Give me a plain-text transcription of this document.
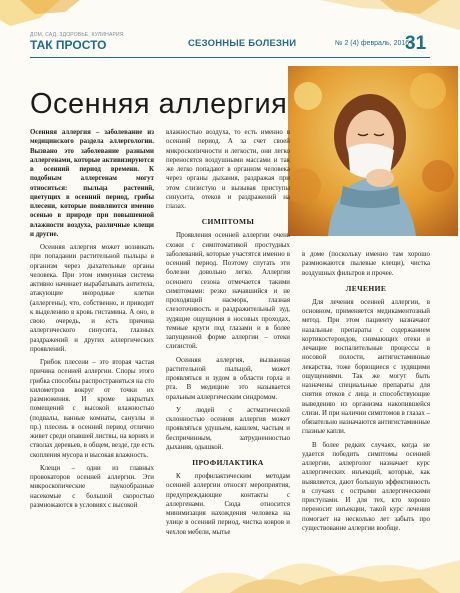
ДОМ, САД, ЗДОРОВЬЕ, КУЛИНАРИЯ
ТАК ПРОСТО	СЕЗОННЫЕ БОЛЕЗНИ	№ 2 (4) февраль, 2016 г.
31
Осенняя аллергия

Осенняя аллергия – заболевание из медицинского раздела аллергологии. Вызвано это заболевание разными аллергенами, которые активизируются в осенний период времени. К подобным аллергенам могут относиться: пыльца растений, цветущих в осенний период, грибы плесени, которые появляются именно осенью в природе при повышенной влажности воздуха, различные клещи и другие.

Осенняя аллергия может возникать при попадании растительной пыльцы в организм через дыхательные органы человека. При этом иммунная система активно начинает вырабатывать антитела, атакующие инородные клетки (аллергены), что, собственно, и приводит к выделению в кровь гистамина. А оно, в свою очередь, и есть причина аллергического синусита, глазных раздражений и других аллергических проявлений.

Грибок плесени – это вторая частая причина осенней аллергии. Споры этого грибка способны распространяться на сто километров вокруг от точки их размножения. И кроме закрытых помещений с высокой влажностью (подвалы, ванные комнаты, санузлы и пр.) плесень в осенний период отлично живет среди опавшей листвы, на корнях и стволах деревьев, в общем, везде, где есть скопления мусора и высокая влажность.

Клещи – одни из главных провокаторов осенней аллергии. Эти микроскопические паукообразные насекомые с большой скоростью размножаются в условиях с высокой

влажностью воздуха, то есть именно в осенний период. А за счет своей микроскопичности и легкости, они легко переносятся воздушными массами и так же легко попадают в организм человека через органы дыхания, раздражая при этом слизистую и вызывая приступы синусита, отеков и раздражений на глазах.

СИМПТОМЫ

Проявления осенней аллергии очень схожи с симптоматикой простудных заболеваний, которые участятся именно в осенний период. Поэтому спутать эти болезни довольно легко. Аллергия осеннего сезона отмечается такими симптомами: резко начавшийся и не проходящий насморк, глазная слезоточивость и раздражительный зуд, зудящие ощущения в носовых проходах, темные круги под глазами и в более запущенной форме аллергии – отеки слизистой.

Осенняя аллергия, вызванная растительной пыльцой, может проявляться и зудом в области горла и рта. В медицине это называется оральным аллергическим синдромом.

У людей с астматической склонностью осенняя аллергия может проявляться удушьем, кашлем, частым и беспричинным, затрудненностью дыхания, одышкой.

ПРОФИЛАКТИКА

К профилактическим методам осенней аллергии относят мероприятия, предупреждающие контакты с аллергенами. Сюда относится минимизация нахождения человека на улице в осенний период, чистка ковров и чехлов мебели, мытье

в доме (поскольку именно там хорошо размножаются пылевые клещи), чистка воздушных фильтров и прочее.

ЛЕЧЕНИЕ

Для лечения осенней аллергии, в основном, применяется медикаментозный метод. При этом пациенту назначают назальные препараты с содержанием кортикостероидов, снимающих отеки и лечащие воспалительные процессы в носовой полости, антигистаминные лекарства, тоже борющиеся с зудящими ощущениями. Так же могут быть назначены специальные препараты для снятия отеков с лица и способствующие выведению из организма накопившейся слизи. И при наличии симптомов в глазах – обязательно назначаются антигистаминные глазные капли.

В более редких случаях, когда не удается победить симптомы осенней аллергии, аллерголог назначает курс аллергических инъекций, которые, как выявляется, дают большую эффективность в случаях с острыми аллергическими приступами. И для тех, кто хорошо переносит инъекции, такой курс лечения помогает на несколько лет забыть про существование аллергии вообще.
